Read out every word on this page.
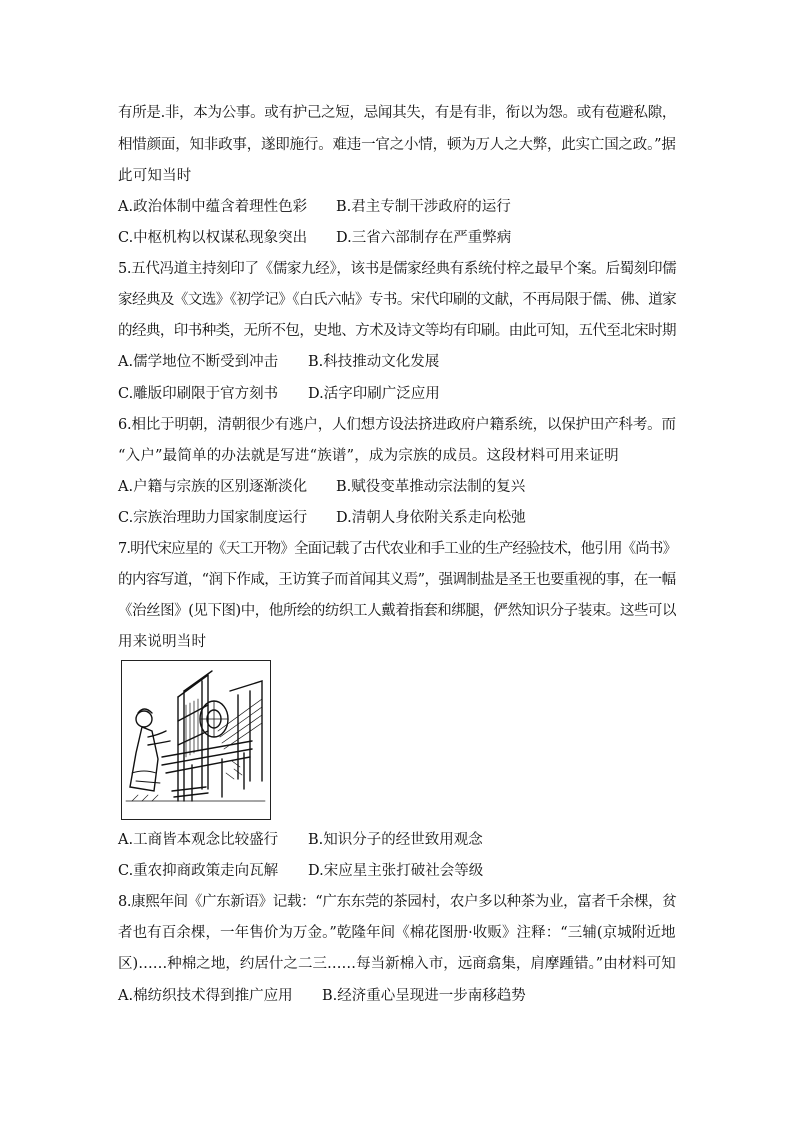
有所是.非，本为公事。或有护己之短，忌闻其失，有是有非，衔以为怨。或有苞避私隙，
相惜颜面，知非政事，遂即施行。难违一官之小情，顿为万人之大弊，此实亡国之政。”据
此可知当时
A.政治体制中蕴含着理性色彩 B.君主专制干涉政府的运行
C.中枢机构以权谋私现象突出 D.三省六部制存在严重弊病
5.五代冯道主持刻印了《儒家九经》，该书是儒家经典有系统付梓之最早个案。后蜀刻印儒
家经典及《文选》《初学记》《白氏六帖》专书。宋代印刷的文献，不再局限于儒、佛、道家
的经典，印书种类，无所不包，史地、方术及诗文等均有印刷。由此可知，五代至北宋时期
A.儒学地位不断受到冲击 B.科技推动文化发展
C.雕版印刷限于官方刻书 D.活字印刷广泛应用
6.相比于明朝，清朝很少有逃户，人们想方设法挤进政府户籍系统，以保护田产科考。而
“入户”最简单的办法就是写进“族谱”，成为宗族的成员。这段材料可用来证明
A.户籍与宗族的区别逐渐淡化 B.赋役变革推动宗法制的复兴
C.宗族治理助力国家制度运行 D.清朝人身依附关系走向松弛
7.明代宋应星的《天工开物》全面记载了古代农业和手工业的生产经验技术，他引用《尚书》
的内容写道，“润下作咸，王访箕子而首闻其义焉”，强调制盐是圣王也要重视的事，在一幅
《治丝图》(见下图)中，他所绘的纺织工人戴着指套和绑腿，俨然知识分子装束。这些可以
用来说明当时
A.工商皆本观念比较盛行 B.知识分子的经世致用观念
C.重农抑商政策走向瓦解 D.宋应星主张打破社会等级
8.康熙年间《广东新语》记载：“广东东莞的茶园村，农户多以种茶为业，富者千余棵，贫
者也有百余棵，一年售价为万金。”乾隆年间《棉花图册·收贩》注释：“三辅(京城附近地
区)……种棉之地，约居什之二三……每当新棉入市，远商翕集，肩摩踵错。”由材料可知
A.棉纺织技术得到推广应用 B.经济重心呈现进一步南移趋势
